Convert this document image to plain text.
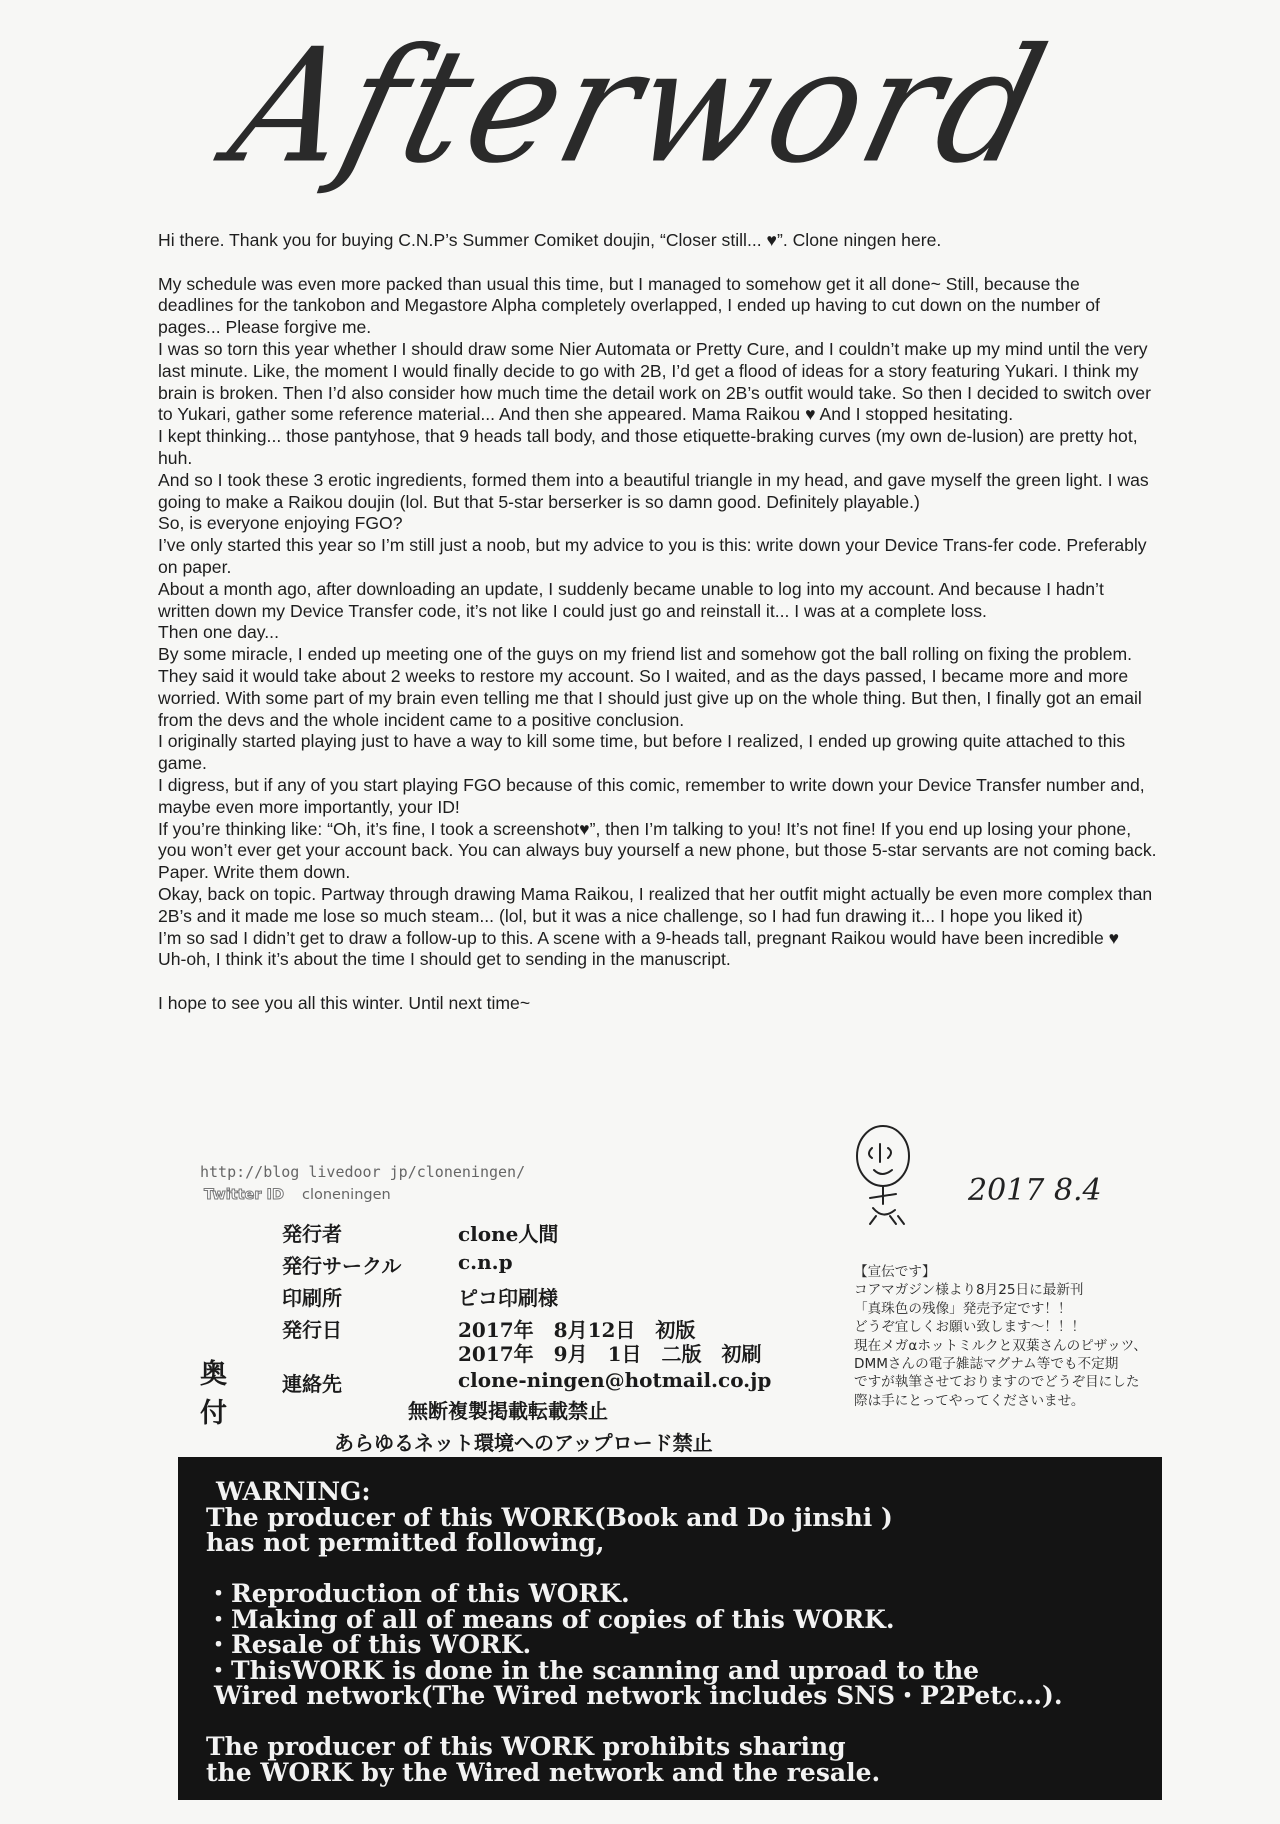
Afterword

Hi there. Thank you for buying C.N.P’s Summer Comiket doujin, “Closer still... ♥”. Clone ningen here.

My schedule was even more packed than usual this time, but I managed to somehow get it all done~ Still, because the deadlines for the tankobon and Megastore Alpha completely overlapped, I ended up having to cut down on the number of pages... Please forgive me.

I was so torn this year whether I should draw some Nier Automata or Pretty Cure, and I couldn’t make up my mind until the very last minute. Like, the moment I would finally decide to go with 2B, I’d get a flood of ideas for a story featuring Yukari. I think my brain is broken. Then I’d also consider how much time the detail work on 2B’s outfit would take. So then I decided to switch over to Yukari, gather some reference material... And then she appeared. Mama Raikou ♥ And I stopped hesitating.

I kept thinking... those pantyhose, that 9 heads tall body, and those etiquette-braking curves (my own de-lusion) are pretty hot, huh.

And so I took these 3 erotic ingredients, formed them into a beautiful triangle in my head, and gave myself the green light. I was going to make a Raikou doujin (lol. But that 5-star berserker is so damn good. Definitely playable.)

So, is everyone enjoying FGO?

I’ve only started this year so I’m still just a noob, but my advice to you is this: write down your Device Trans-fer code. Preferably on paper.

About a month ago, after downloading an update, I suddenly became unable to log into my account. And because I hadn’t written down my Device Transfer code, it’s not like I could just go and reinstall it... I was at a complete loss.

Then one day...

By some miracle, I ended up meeting one of the guys on my friend list and somehow got the ball rolling on fixing the problem. They said it would take about 2 weeks to restore my account. So I waited, and as the days passed, I became more and more worried. With some part of my brain even telling me that I should just give up on the whole thing. But then, I finally got an email from the devs and the whole incident came to a positive conclusion.

I originally started playing just to have a way to kill some time, but before I realized, I ended up growing quite attached to this game.

I digress, but if any of you start playing FGO because of this comic, remember to write down your Device Transfer number and, maybe even more importantly, your ID!

If you’re thinking like: “Oh, it’s fine, I took a screenshot♥”, then I’m talking to you! It’s not fine! If you end up losing your phone, you won’t ever get your account back. You can always buy yourself a new phone, but those 5-star servants are not coming back.

Paper. Write them down.

Okay, back on topic. Partway through drawing Mama Raikou, I realized that her outfit might actually be even more complex than 2B’s and it made me lose so much steam... (lol, but it was a nice challenge, so I had fun drawing it... I hope you liked it)

I’m so sad I didn’t get to draw a follow-up to this. A scene with a 9-heads tall, pregnant Raikou would have been incredible ♥

Uh-oh, I think it’s about the time I should get to sending in the manuscript.

I hope to see you all this winter. Until next time~

http://blog livedoor jp/cloneningen/
Twitter ID cloneningen	2017 8.4
発行者	clone人間
発行サークル	c.n.p
印刷所	ピコ印刷様
発行日	2017年　8月12日　初版
2017年　9月　1日　二版　初刷
奥付
連絡先	clone-ningen@hotmail.co.jp
無断複製掲載転載禁止
あらゆるネット環境へのアップロード禁止
【宣伝です】
コアマガジン様より8月25日に最新刊
「真珠色の残像」発売予定です！！
どうぞ宜しくお願い致します～！！！
現在メガαホットミルクと双葉さんのピザッツ、
DMMさんの電子雑誌マグナム等でも不定期
ですが執筆させておりますのでどうぞ目にした
際は手にとってやってくださいませ。

WARNING:

The producer of this WORK(Book and Do jinshi )

has not permitted following,

・Reproduction of this WORK.

・Making of all of means of copies of this WORK.

・Resale of this WORK.

・ThisWORK is done in the scanning and uproad to the

Wired network(The Wired network includes SNS・P2Petc…).

The producer of this WORK prohibits sharing

the WORK by the Wired network and the resale.
